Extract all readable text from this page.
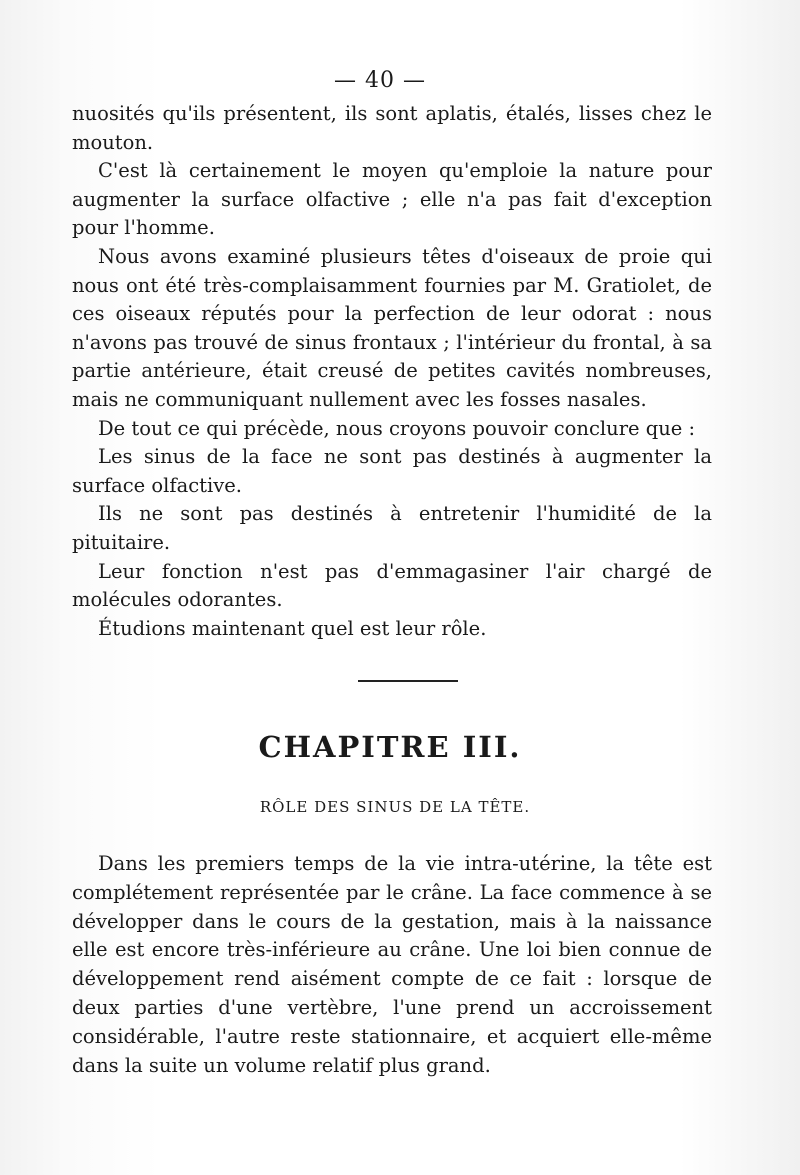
— 40 —

nuosités qu'ils présentent, ils sont aplatis, étalés, lisses chez le mouton.

C'est là certainement le moyen qu'emploie la nature pour augmenter la surface olfactive ; elle n'a pas fait d'exception pour l'homme.

Nous avons examiné plusieurs têtes d'oiseaux de proie qui nous ont été très-complaisamment fournies par M. Gratiolet, de ces oiseaux réputés pour la perfection de leur odorat : nous n'avons pas trouvé de sinus frontaux ; l'intérieur du frontal, à sa partie antérieure, était creusé de petites cavités nombreuses, mais ne communiquant nullement avec les fosses nasales.

De tout ce qui précède, nous croyons pouvoir conclure que :

Les sinus de la face ne sont pas destinés à augmenter la surface olfactive.

Ils ne sont pas destinés à entretenir l'humidité de la pituitaire.

Leur fonction n'est pas d'emmagasiner l'air chargé de molécules odorantes.

Étudions maintenant quel est leur rôle.

CHAPITRE III.
RÔLE DES SINUS DE LA TÊTE.

Dans les premiers temps de la vie intra-utérine, la tête est complétement représentée par le crâne. La face commence à se développer dans le cours de la gestation, mais à la naissance elle est encore très-inférieure au crâne. Une loi bien connue de développement rend aisément compte de ce fait : lorsque de deux parties d'une vertèbre, l'une prend un accroissement considérable, l'autre reste stationnaire, et acquiert elle-même dans la suite un volume relatif plus grand.
